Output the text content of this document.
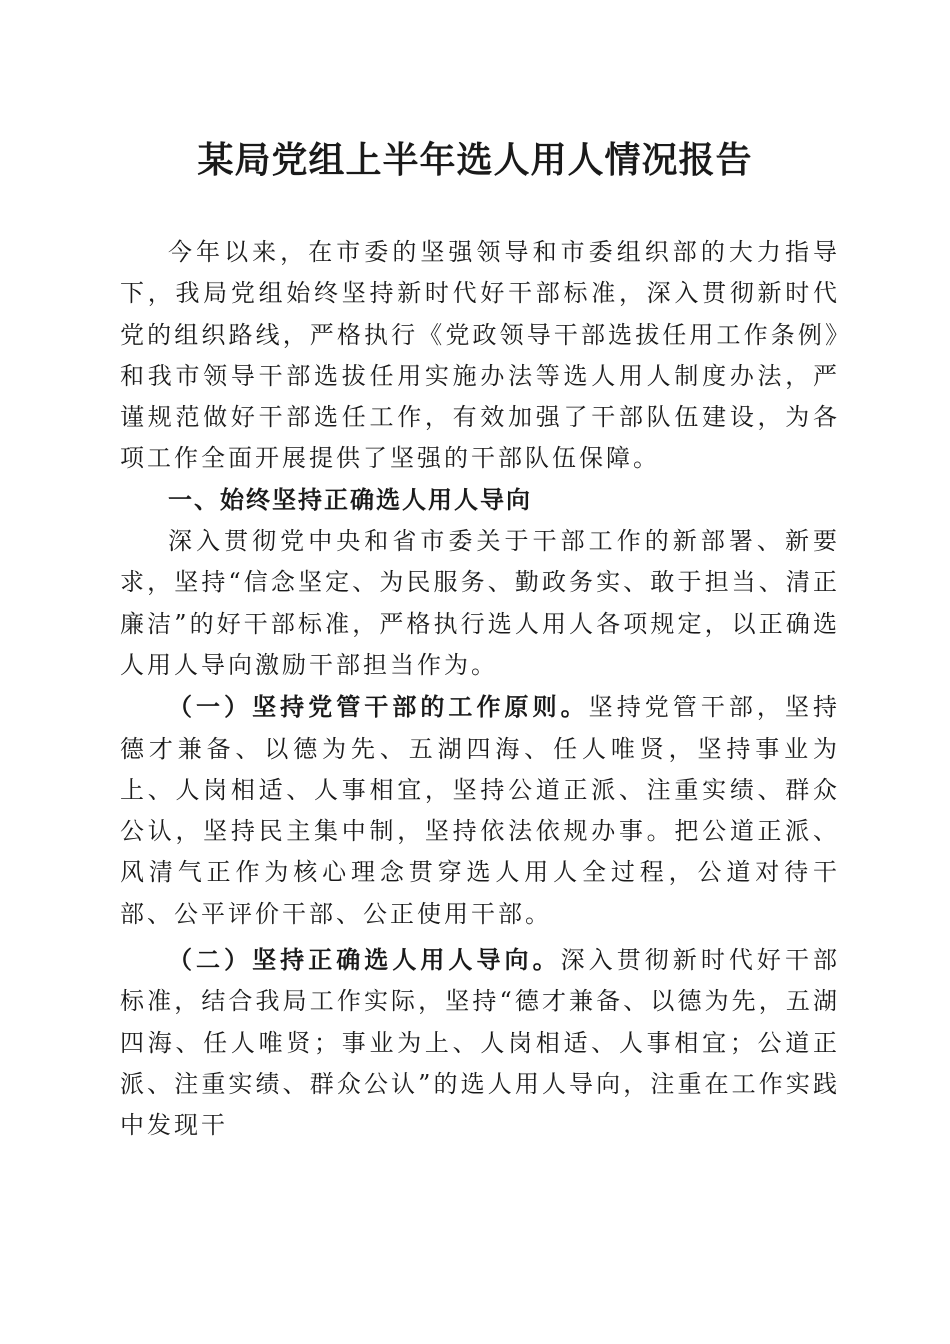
某局党组上半年选人用人情况报告

今年以来，在市委的坚强领导和市委组织部的大力指导下，我局党组始终坚持新时代好干部标准，深入贯彻新时代党的组织路线，严格执行《党政领导干部选拔任用工作条例》和我市领导干部选拔任用实施办法等选人用人制度办法，严谨规范做好干部选任工作，有效加强了干部队伍建设，为各项工作全面开展提供了坚强的干部队伍保障。

一、始终坚持正确选人用人导向

深入贯彻党中央和省市委关于干部工作的新部署、新要求，坚持“信念坚定、为民服务、勤政务实、敢于担当、清正廉洁”的好干部标准，严格执行选人用人各项规定，以正确选人用人导向激励干部担当作为。

（一）坚持党管干部的工作原则。坚持党管干部，坚持德才兼备、以德为先、五湖四海、任人唯贤，坚持事业为上、人岗相适、人事相宜，坚持公道正派、注重实绩、群众公认，坚持民主集中制，坚持依法依规办事。把公道正派、风清气正作为核心理念贯穿选人用人全过程，公道对待干部、公平评价干部、公正使用干部。

（二）坚持正确选人用人导向。深入贯彻新时代好干部标准，结合我局工作实际，坚持“德才兼备、以德为先，五湖四海、任人唯贤；事业为上、人岗相适、人事相宜；公道正派、注重实绩、群众公认”的选人用人导向，注重在工作实践中发现干
